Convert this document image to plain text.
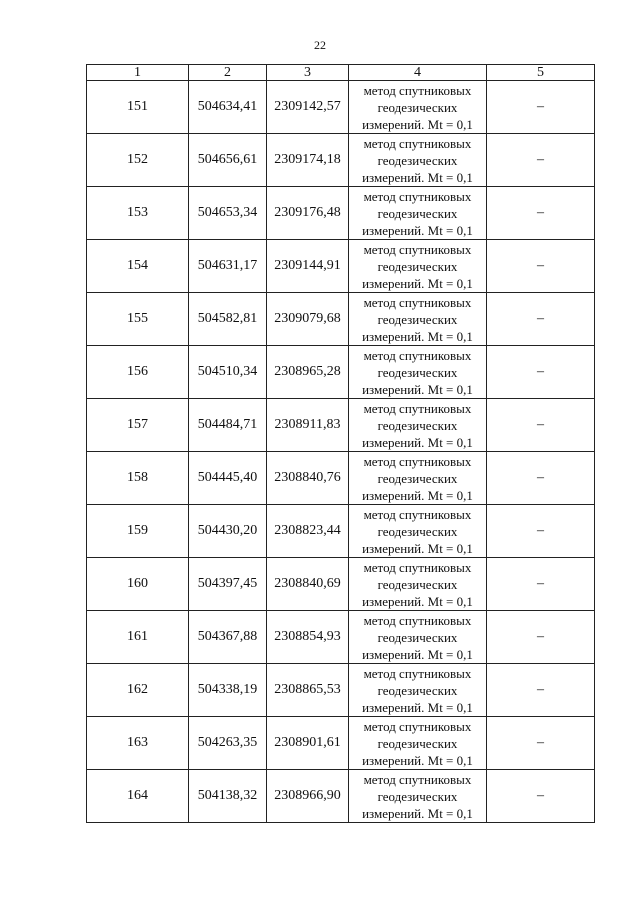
22
1	2	3	4	5
151	504634,41	2309142,57	метод спутниковых
геодезических
измерений. Mt = 0,1	–
152	504656,61	2309174,18	метод спутниковых
геодезических
измерений. Mt = 0,1	–
153	504653,34	2309176,48	метод спутниковых
геодезических
измерений. Mt = 0,1	–
154	504631,17	2309144,91	метод спутниковых
геодезических
измерений. Mt = 0,1	–
155	504582,81	2309079,68	метод спутниковых
геодезических
измерений. Mt = 0,1	–
156	504510,34	2308965,28	метод спутниковых
геодезических
измерений. Mt = 0,1	–
157	504484,71	2308911,83	метод спутниковых
геодезических
измерений. Mt = 0,1	–
158	504445,40	2308840,76	метод спутниковых
геодезических
измерений. Mt = 0,1	–
159	504430,20	2308823,44	метод спутниковых
геодезических
измерений. Mt = 0,1	–
160	504397,45	2308840,69	метод спутниковых
геодезических
измерений. Mt = 0,1	–
161	504367,88	2308854,93	метод спутниковых
геодезических
измерений. Mt = 0,1	–
162	504338,19	2308865,53	метод спутниковых
геодезических
измерений. Mt = 0,1	–
163	504263,35	2308901,61	метод спутниковых
геодезических
измерений. Mt = 0,1	–
164	504138,32	2308966,90	метод спутниковых
геодезических
измерений. Mt = 0,1	–
